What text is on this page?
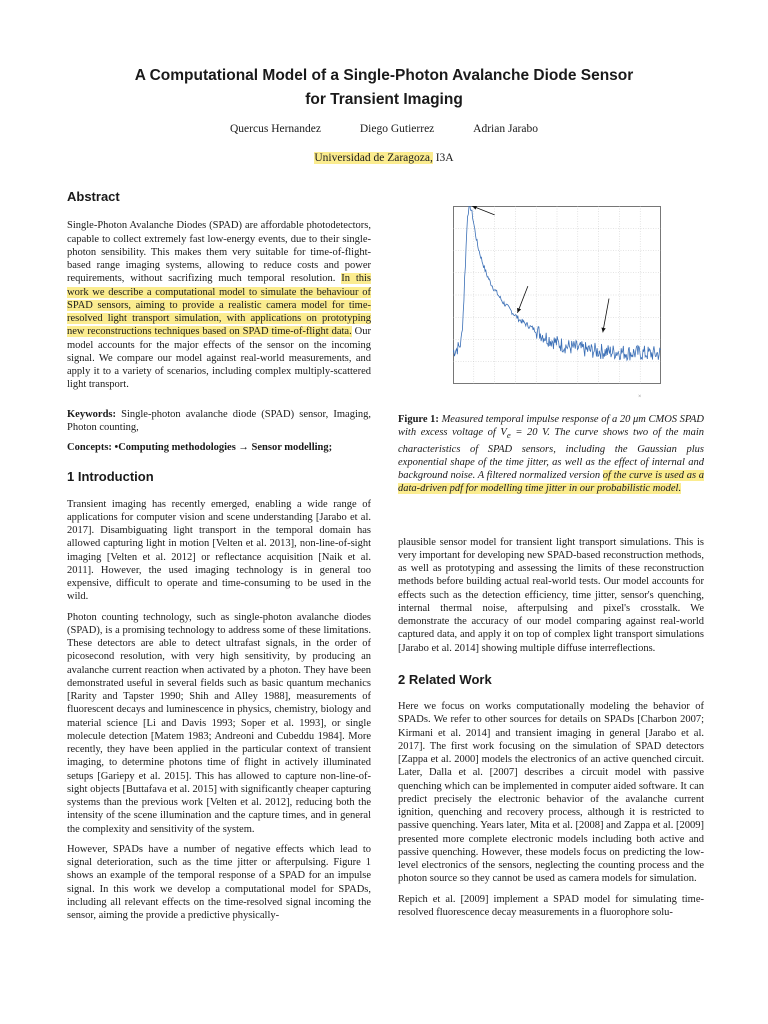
A Computational Model of a Single-Photon Avalanche Diode Sensor
for Transient Imaging
Quercus Hernandez	Diego Gutierrez	Adrian Jarabo
Universidad de Zaragoza, I3A
Abstract

Single-Photon Avalanche Diodes (SPAD) are affordable photodetectors, capable to collect extremely fast low-energy events, due to their single-photon sensibility. This makes them very suitable for time-of-flight-based range imaging systems, allowing to reduce costs and power requirements, without sacrifizing much temporal resolution. In this work we describe a computational model to simulate the behaviour of SPAD sensors, aiming to provide a realistic camera model for time-resolved light transport simulation, with applications on prototyping new reconstructions techniques based on SPAD time-of-flight data. Our model accounts for the major effects of the sensor on the incoming signal. We compare our model against real-world measurements, and apply it to a variety of scenarios, including complex multiply-scattered light transport.

Keywords: Single-photon avalanche diode (SPAD) sensor, Imaging, Photon counting,

Concepts: •Computing methodologies → Sensor modelling;

1 Introduction

Transient imaging has recently emerged, enabling a wide range of applications for computer vision and scene understanding [Jarabo et al. 2017]. Disambiguating light transport in the temporal domain has allowed capturing light in motion [Velten et al. 2013], non-line-of-sight imaging [Velten et al. 2012] or reflectance acquisition [Naik et al. 2011]. However, the used imaging technology is in general too expensive, difficult to operate and time-consuming to be used in the wild.

Photon counting technology, such as single-photon avalanche diodes (SPAD), is a promising technology to address some of these limitations. These detectors are able to detect ultrafast signals, in the order of picosecond resolution, with very high sensitivity, by producing an avalanche current reaction when activated by a photon. They have been demonstrated useful in several fields such as basic quantum mechanics [Rarity and Tapster 1990; Shih and Alley 1988], measurements of fluorescent decays and luminescence in physics, chemistry, biology and material science [Li and Davis 1993; Soper et al. 1993], or single molecule detection [Matem 1983; Andreoni and Cubeddu 1984]. More recently, they have been applied in the particular context of transient imaging, to determine photons time of flight in actively illuminated setups [Gariepy et al. 2015]. This has allowed to capture non-line-of-sight objects [Buttafava et al. 2015] with significantly cheaper capturing systems than the previous work [Velten et al. 2012], reducing both the intensity of the scene illumination and the capture times, and in general the complexity and sensitivity of the system.

However, SPADs have a number of negative effects which lead to signal deterioration, such as the time jitter or afterpulsing. Figure 1 shows an example of the temporal response of a SPAD for an impulse signal. In this work we develop a computational model for SPADs, including all relevant effects on the time-resolved signal incoming the sensor, aiming the provide a predictive physically-

×

Figure 1: Measured temporal impulse response of a 20 μm CMOS SPAD with excess voltage of $V_e = 20$ V. The curve shows two of the main characteristics of SPAD sensors, including the Gaussian plus exponential shape of the time jitter, as well as the effect of internal and background noise. A filtered normalized version of the curve is used as a data-driven pdf for modelling time jitter in our probabilistic model.

plausible sensor model for transient light transport simulations. This is very important for developing new SPAD-based reconstruction methods, as well as prototyping and assessing the limits of these reconstruction methods before building actual real-world tests. Our model accounts for effects such as the detection efficiency, time jitter, sensor's quenching, internal thermal noise, afterpulsing and pixel's crosstalk. We demonstrate the accuracy of our model comparing against real-world captured data, and apply it on top of complex light transport simulations [Jarabo et al. 2014] showing multiple diffuse interreflections.

2 Related Work

Here we focus on works computationally modeling the behavior of SPADs. We refer to other sources for details on SPADs [Charbon 2007; Kirmani et al. 2014] and transient imaging in general [Jarabo et al. 2017]. The first work focusing on the simulation of SPAD detectors [Zappa et al. 2000] models the electronics of an active quenched circuit. Later, Dalla et al. [2007] describes a circuit model with passive quenching which can be implemented in computer aided software. It can predict precisely the electronic behavior of the avalanche current ignition, quenching and recovery process, although it is restricted to passive quenching. Years later, Mita et al. [2008] and Zappa et al. [2009] presented more complete electronic models including both active and passive quenching. However, these models focus on predicting the low-level electronics of the sensors, neglecting the counting process and the photon source so they cannot be used as camera models for simulation.

Repich et al. [2009] implement a SPAD model for simulating time-resolved fluorescence decay measurements in a fluorophore solu-
